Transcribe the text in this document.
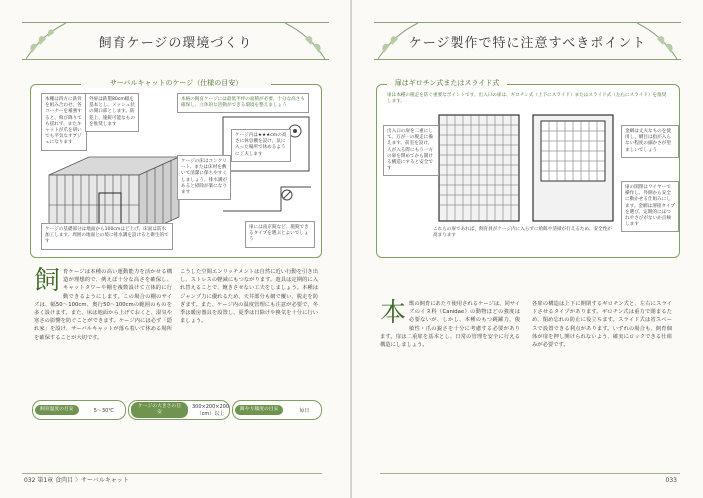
飼育ケージの環境づくり
サーバルキャットのケージ（仕様の目安）
本棚は四方に鉄骨を組み合わせ、各コーナーを補強すると、飛び降りても揺れず、またキャットが爪を研いでも平気なオブジェになります
外扉は鉄製80cm幅を基本とし、メッシュ状の開口部とします。防犯上、施錠可能なものを推奨します
本格の飼育ケージには最低半坪の面積が必要。十分な高さも確保し、立体的な活動ができる環境を整えましょう
ケージの床はコンクリート、または床材を敷いて清潔に保ちやすくしましょう。排水溝があると掃除が楽になります
ケージ内は★★★cmの高さに休息棚を設け、気に入った場所で休めるように工夫します
ケージの基礎部分は地面から100cmほど上げ、床面は防水加工します。周囲の地面との境に排水溝を設けると衛生的です
扉には南京錠など、施錠できるタイプを選ぶとよいでしょう
飼育ケージは本種の高い運動能力を活かせる構造が理想的で、例えば十分な高さを確保し、キャットタワーや棚を複数設けて立体的に行動できるようにします。この場合の棚のサイズは、幅50〜100cm、奥行50〜100cmの範囲のものを多く設けます。また、床は地面から上げておくと、湿気や寒さの影響を防ぐことができます。ケージ内には必ず「隠れ家」を設け、サーバルキャットが落ち着いて休める場所を確保することが大切です。
こうした空間エンリッチメントは自然に近い行動を引き出し、ストレスの軽減にもつながります。遊具は定期的に入れ替えることで、飽きさせない工夫をしましょう。本種はジャンプ力に優れるため、天井部分も網で覆い、脱走を防ぎます。また、ケージ内の温度管理にも注意が必要で、冬季は暖房器具を設置し、夏季は日除けや換気を十分に行いましょう。
飼育温度の目安	5〜30℃
ケージの大きさの目安
300×200×200（cm）以上
餌やり頻度の目安	毎日
032 第1章 食肉目 〉サーバルキャット
ケージ製作で特に注意すべきポイント
扉はギロチン式またはスライド式
扉は本種の脱走を防ぐ重要なポイントです。出入口の扉は、ギロチン式（上下にスライド）またはスライド式（左右にスライド）を推奨します。
出入口の扉を二重にして、万が一の脱走に備えます。前室を設け、人が入る際にもう一方の扉を閉めてから開ける構造にすると安全です
金網は丈夫なものを使用し、網目は指が入らない程度の細かさが望ましいでしょう
扉の開閉はワイヤーで操作し、外側から安全に動かせる仕組みにします。金網は溶接タイプを選び、定期的にほつれやさびがないか点検します
これらの扉であれば、飼育員がケージ内に入らずに給餌や清掃が行えるため、安全性が高まります
本獣の飼育にあたり使用されるケージは、同サイズのイヌ科（Canidae）の動物ほどの強度は必要ないが、しかし、本種のもつ跳躍力、俊敏性・爪の鋭さを十分に考慮する必要があります。扉は二重扉を基本とし、日常の管理を安全に行える構造にしましょう。
各扉の構造は上下に開閉するギロチン式と、左右にスライドさせるタイプがあります。ギロチン式は重力で閉まるため、閉め忘れの防止に役立ちます。スライド式は省スペースで設置できる利点があります。いずれの場合も、飼育個体が扉を押し開けられないよう、確実にロックできる仕組みが必要です。
033
